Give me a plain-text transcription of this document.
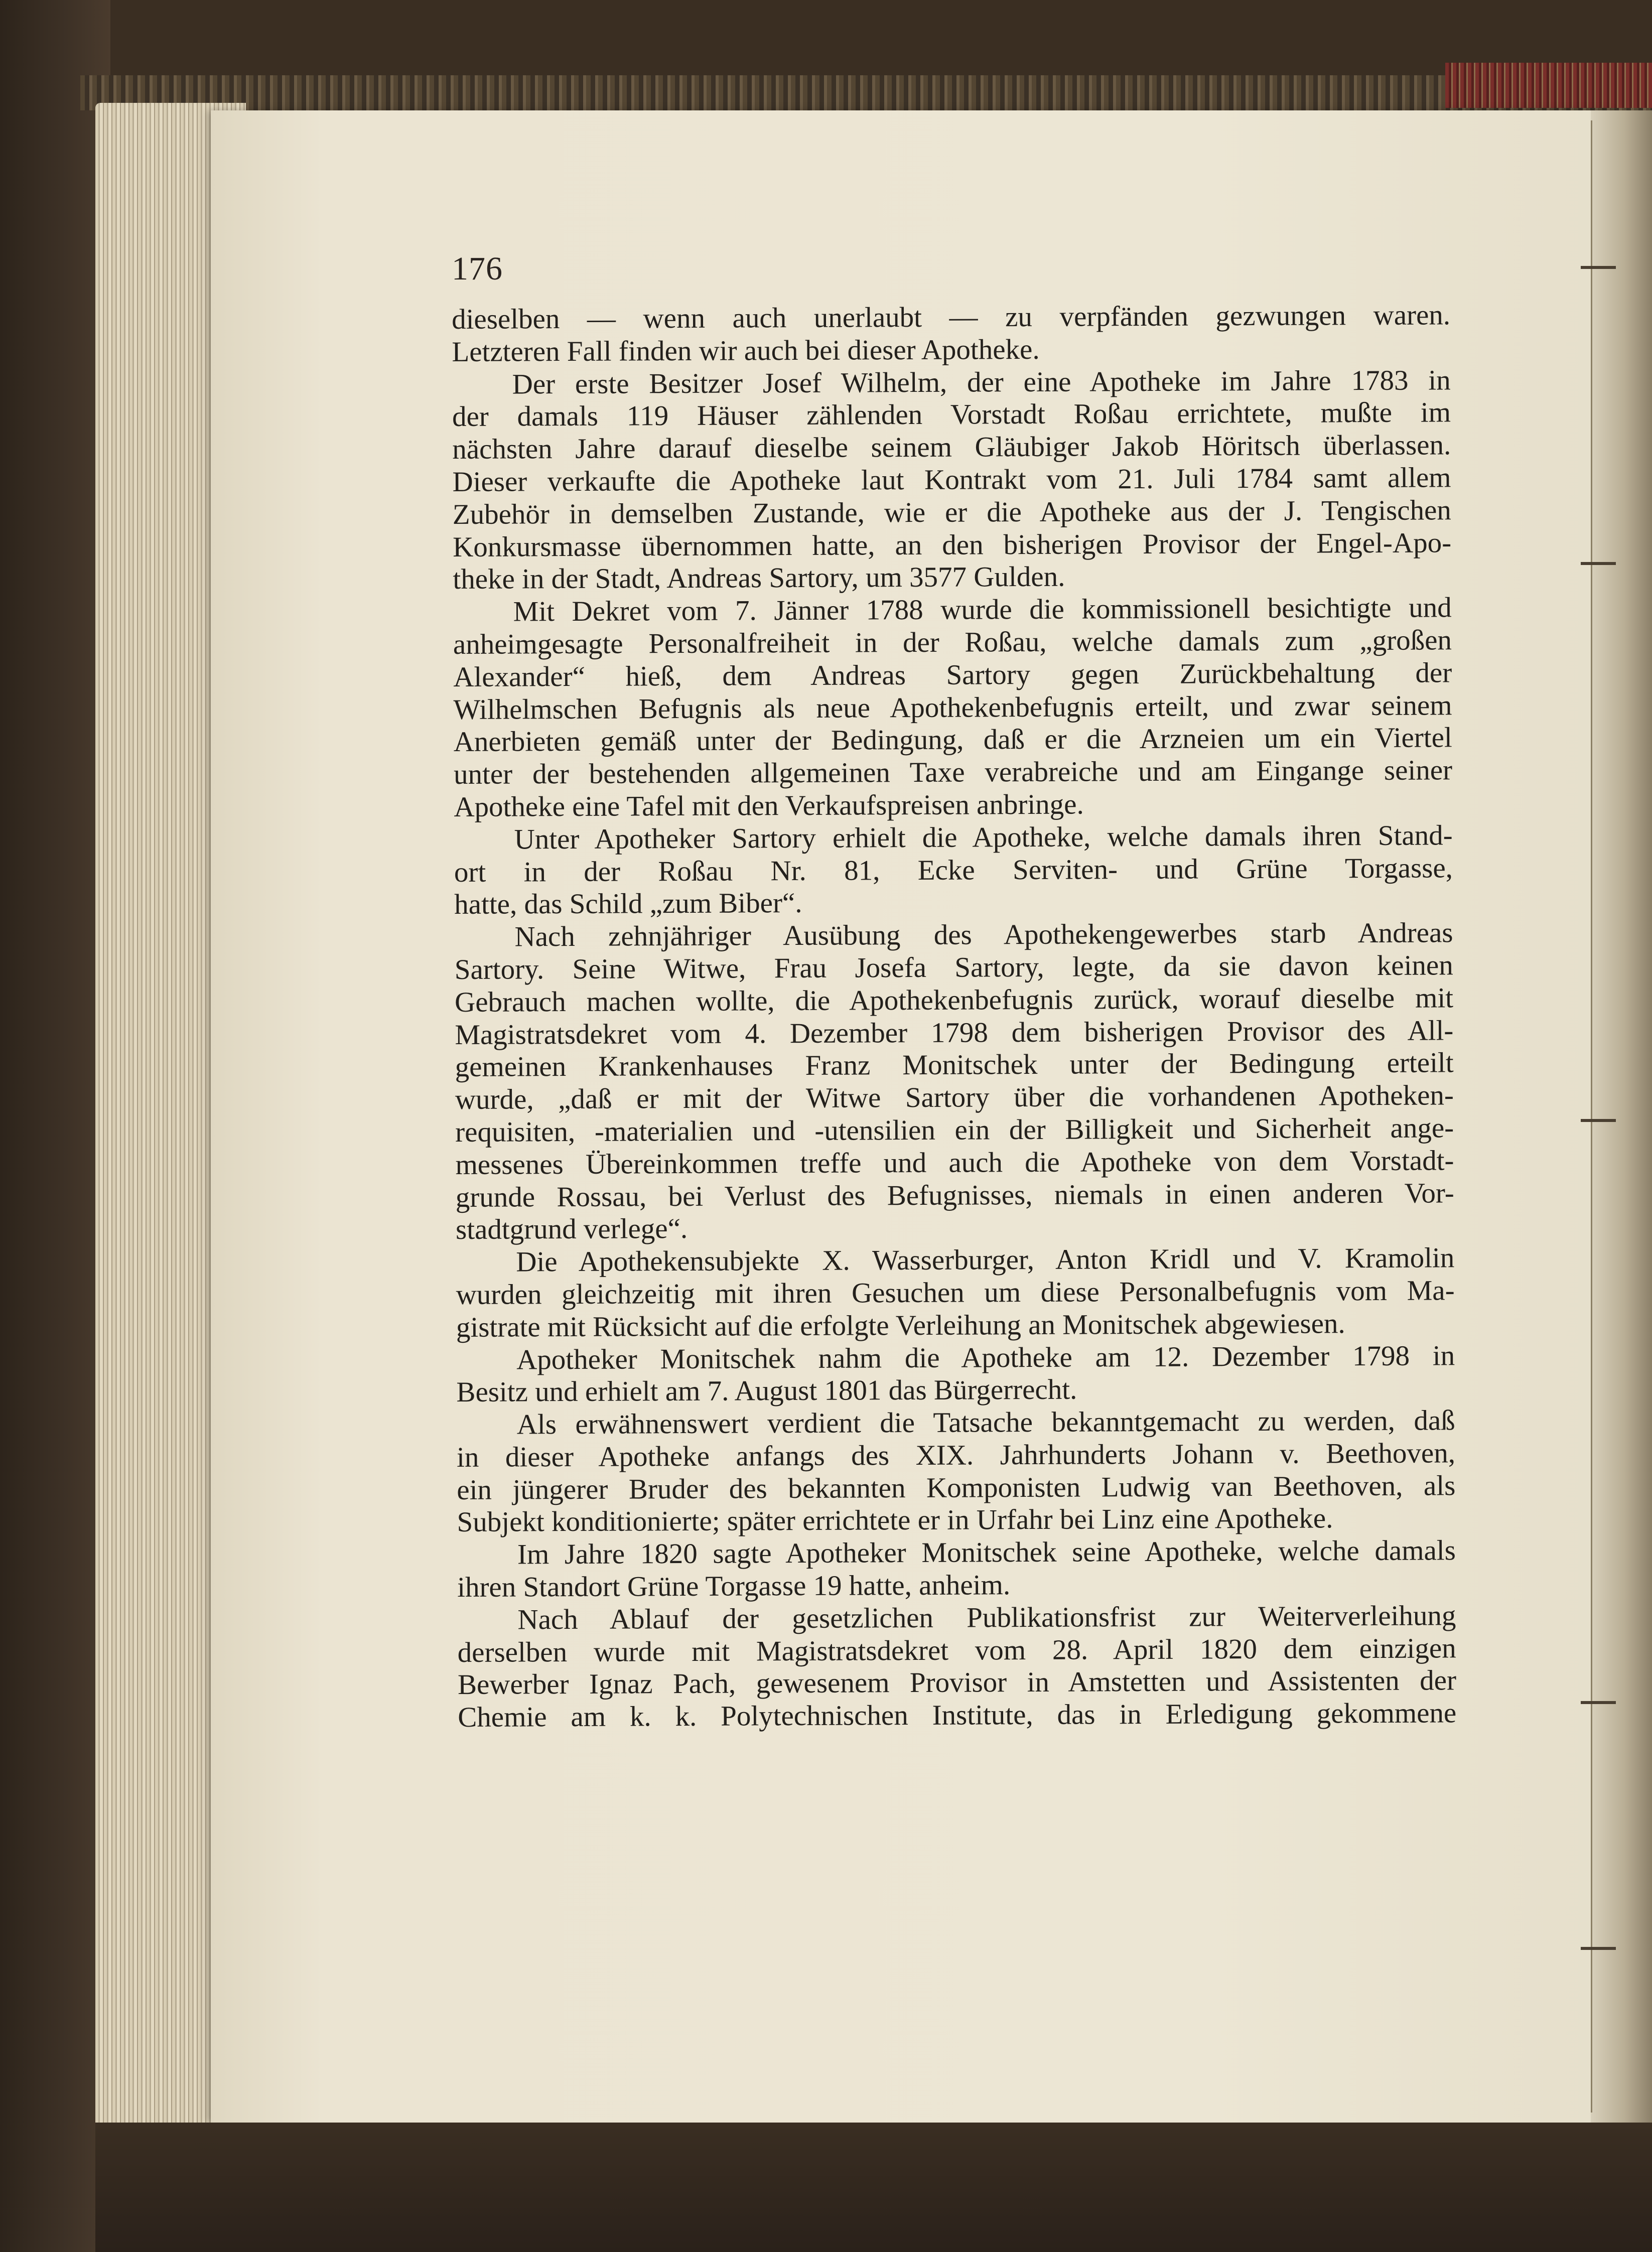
176
dieselben — wenn auch unerlaubt — zu verpfänden gezwungen waren.
Letzteren Fall finden wir auch bei dieser Apotheke.
Der erste Besitzer Josef Wilhelm, der eine Apotheke im Jahre 1783 in
der damals 119 Häuser zählenden Vorstadt Roßau errichtete, mußte im
nächsten Jahre darauf dieselbe seinem Gläubiger Jakob Höritsch überlassen.
Dieser verkaufte die Apotheke laut Kontrakt vom 21. Juli 1784 samt allem
Zubehör in demselben Zustande, wie er die Apotheke aus der J. Tengischen
Konkursmasse übernommen hatte, an den bisherigen Provisor der Engel-Apo-
theke in der Stadt, Andreas Sartory, um 3577 Gulden.
Mit Dekret vom 7. Jänner 1788 wurde die kommissionell besichtigte und
anheimgesagte Personalfreiheit in der Roßau, welche damals zum „großen
Alexander“ hieß, dem Andreas Sartory gegen Zurückbehaltung der
Wilhelmschen Befugnis als neue Apothekenbefugnis erteilt, und zwar seinem
Anerbieten gemäß unter der Bedingung, daß er die Arzneien um ein Viertel
unter der bestehenden allgemeinen Taxe verabreiche und am Eingange seiner
Apotheke eine Tafel mit den Verkaufspreisen anbringe.
Unter Apotheker Sartory erhielt die Apotheke, welche damals ihren Stand-
ort in der Roßau Nr. 81, Ecke Serviten- und Grüne Torgasse,
hatte, das Schild „zum Biber“.
Nach zehnjähriger Ausübung des Apothekengewerbes starb Andreas
Sartory. Seine Witwe, Frau Josefa Sartory, legte, da sie davon keinen
Gebrauch machen wollte, die Apothekenbefugnis zurück, worauf dieselbe mit
Magistratsdekret vom 4. Dezember 1798 dem bisherigen Provisor des All-
gemeinen Krankenhauses Franz Monitschek unter der Bedingung erteilt
wurde, „daß er mit der Witwe Sartory über die vorhandenen Apotheken-
requisiten, -materialien und -utensilien ein der Billigkeit und Sicherheit ange-
messenes Übereinkommen treffe und auch die Apotheke von dem Vorstadt-
grunde Rossau, bei Verlust des Befugnisses, niemals in einen anderen Vor-
stadtgrund verlege“.
Die Apothekensubjekte X. Wasserburger, Anton Kridl und V. Kramolin
wurden gleichzeitig mit ihren Gesuchen um diese Personalbefugnis vom Ma-
gistrate mit Rücksicht auf die erfolgte Verleihung an Monitschek abgewiesen.
Apotheker Monitschek nahm die Apotheke am 12. Dezember 1798 in
Besitz und erhielt am 7. August 1801 das Bürgerrecht.
Als erwähnenswert verdient die Tatsache bekanntgemacht zu werden, daß
in dieser Apotheke anfangs des XIX. Jahrhunderts Johann v. Beethoven,
ein jüngerer Bruder des bekannten Komponisten Ludwig van Beethoven, als
Subjekt konditionierte; später errichtete er in Urfahr bei Linz eine Apotheke.
Im Jahre 1820 sagte Apotheker Monitschek seine Apotheke, welche damals
ihren Standort Grüne Torgasse 19 hatte, anheim.
Nach Ablauf der gesetzlichen Publikationsfrist zur Weiterverleihung
derselben wurde mit Magistratsdekret vom 28. April 1820 dem einzigen
Bewerber Ignaz Pach, gewesenem Provisor in Amstetten und Assistenten der
Chemie am k. k. Polytechnischen Institute, das in Erledigung gekommene
